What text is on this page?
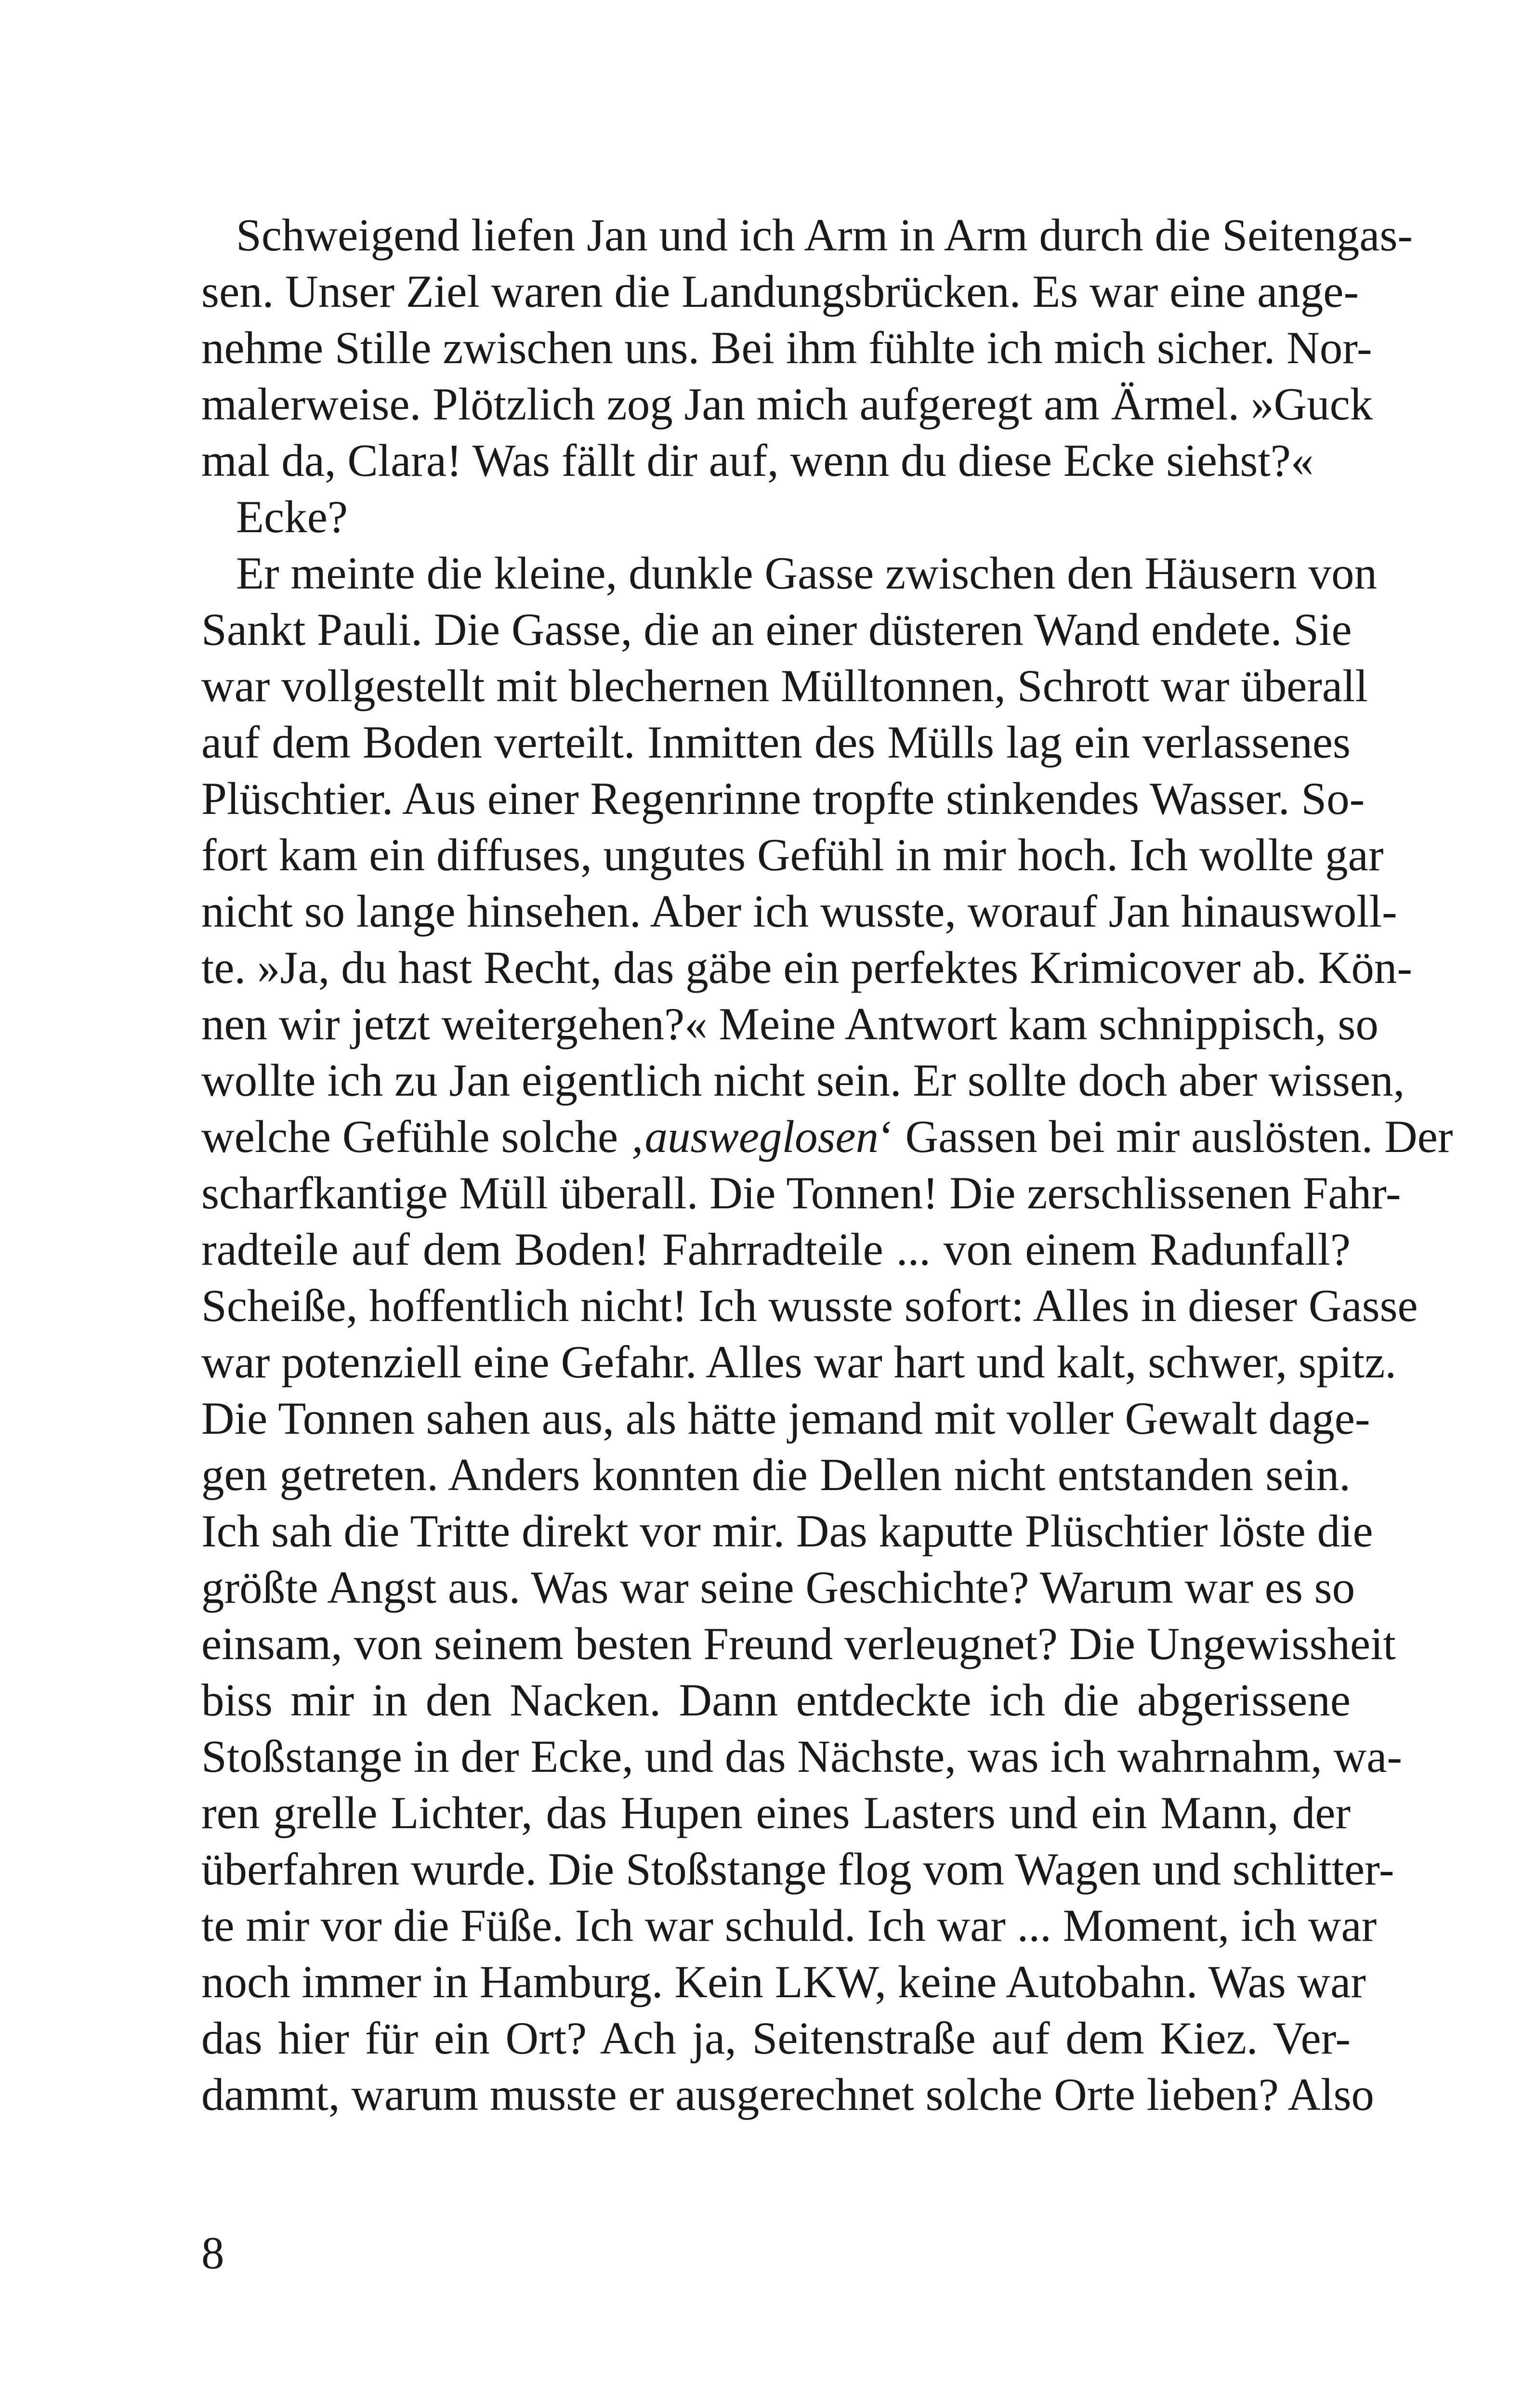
Schweigend liefen Jan und ich Arm in Arm durch die Seitengas-
sen. Unser Ziel waren die Landungsbrücken. Es war eine ange-
nehme Stille zwischen uns. Bei ihm fühlte ich mich sicher. Nor-
malerweise. Plötzlich zog Jan mich aufgeregt am Ärmel. »Guck
mal da, Clara! Was fällt dir auf, wenn du diese Ecke siehst?«
Ecke?
Er meinte die kleine, dunkle Gasse zwischen den Häusern von
Sankt Pauli. Die Gasse, die an einer düsteren Wand endete. Sie
war vollgestellt mit blechernen Mülltonnen, Schrott war überall
auf dem Boden verteilt. Inmitten des Mülls lag ein verlassenes
Plüschtier. Aus einer Regenrinne tropfte stinkendes Wasser. So-
fort kam ein diffuses, ungutes Gefühl in mir hoch. Ich wollte gar
nicht so lange hinsehen. Aber ich wusste, worauf Jan hinauswoll-
te. »Ja, du hast Recht, das gäbe ein perfektes Krimicover ab. Kön-
nen wir jetzt weitergehen?« Meine Antwort kam schnippisch, so
wollte ich zu Jan eigentlich nicht sein. Er sollte doch aber wissen,
welche Gefühle solche ‚ausweglosen‘ Gassen bei mir auslösten. Der
scharfkantige Müll überall. Die Tonnen! Die zerschlissenen Fahr-
radteile auf dem Boden! Fahrradteile ... von einem Radunfall?
Scheiße, hoffentlich nicht! Ich wusste sofort: Alles in dieser Gasse
war potenziell eine Gefahr. Alles war hart und kalt, schwer, spitz.
Die Tonnen sahen aus, als hätte jemand mit voller Gewalt dage-
gen getreten. Anders konnten die Dellen nicht entstanden sein.
Ich sah die Tritte direkt vor mir. Das kaputte Plüschtier löste die
größte Angst aus. Was war seine Geschichte? Warum war es so
einsam, von seinem besten Freund verleugnet? Die Ungewissheit
biss mir in den Nacken. Dann entdeckte ich die abgerissene
Stoßstange in der Ecke, und das Nächste, was ich wahrnahm, wa-
ren grelle Lichter, das Hupen eines Lasters und ein Mann, der
überfahren wurde. Die Stoßstange flog vom Wagen und schlitter-
te mir vor die Füße. Ich war schuld. Ich war ... Moment, ich war
noch immer in Hamburg. Kein LKW, keine Autobahn. Was war
das hier für ein Ort? Ach ja, Seitenstraße auf dem Kiez. Ver-
dammt, warum musste er ausgerechnet solche Orte lieben? Also
8
